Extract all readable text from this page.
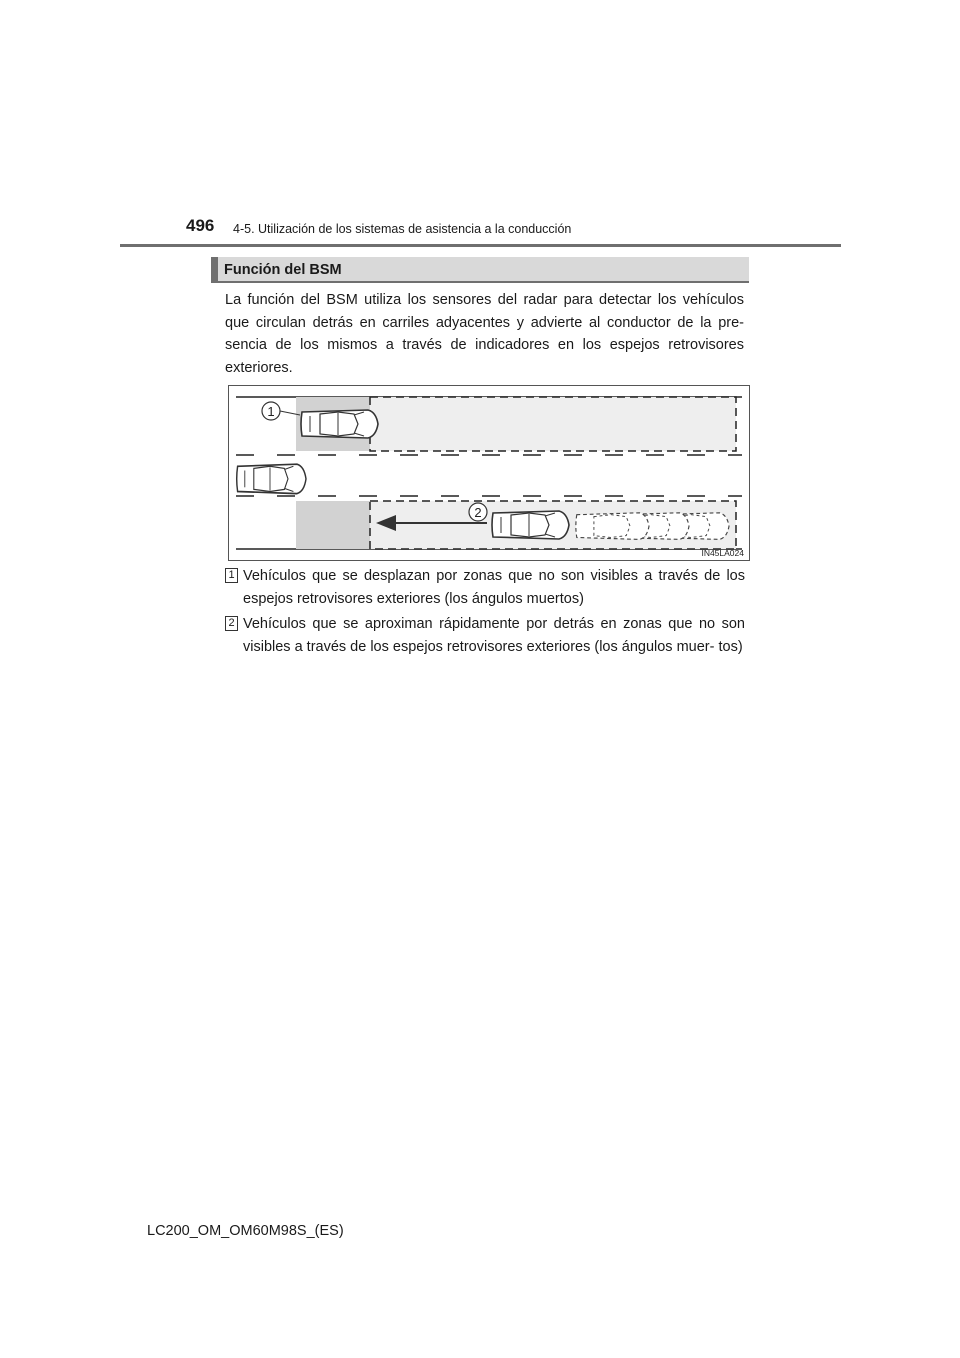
496 4-5. Utilización de los sistemas de asistencia a la conducción
Función del BSM

La función del BSM utiliza los sensores del radar para detectar los vehículos que circulan detrás en carriles adyacentes y advierte al conductor de la pre- sencia de los mismos a través de indicadores en los espejos retrovisores exteriores.

1
2
IN45LA024
1 Vehículos que se desplazan por zonas que no son visibles a través de los espejos retrovisores exteriores (los ángulos muertos)
2 Vehículos que se aproximan rápidamente por detrás en zonas que no son visibles a través de los espejos retrovisores exteriores (los ángulos muer- tos)
LC200_OM_OM60M98S_(ES)
